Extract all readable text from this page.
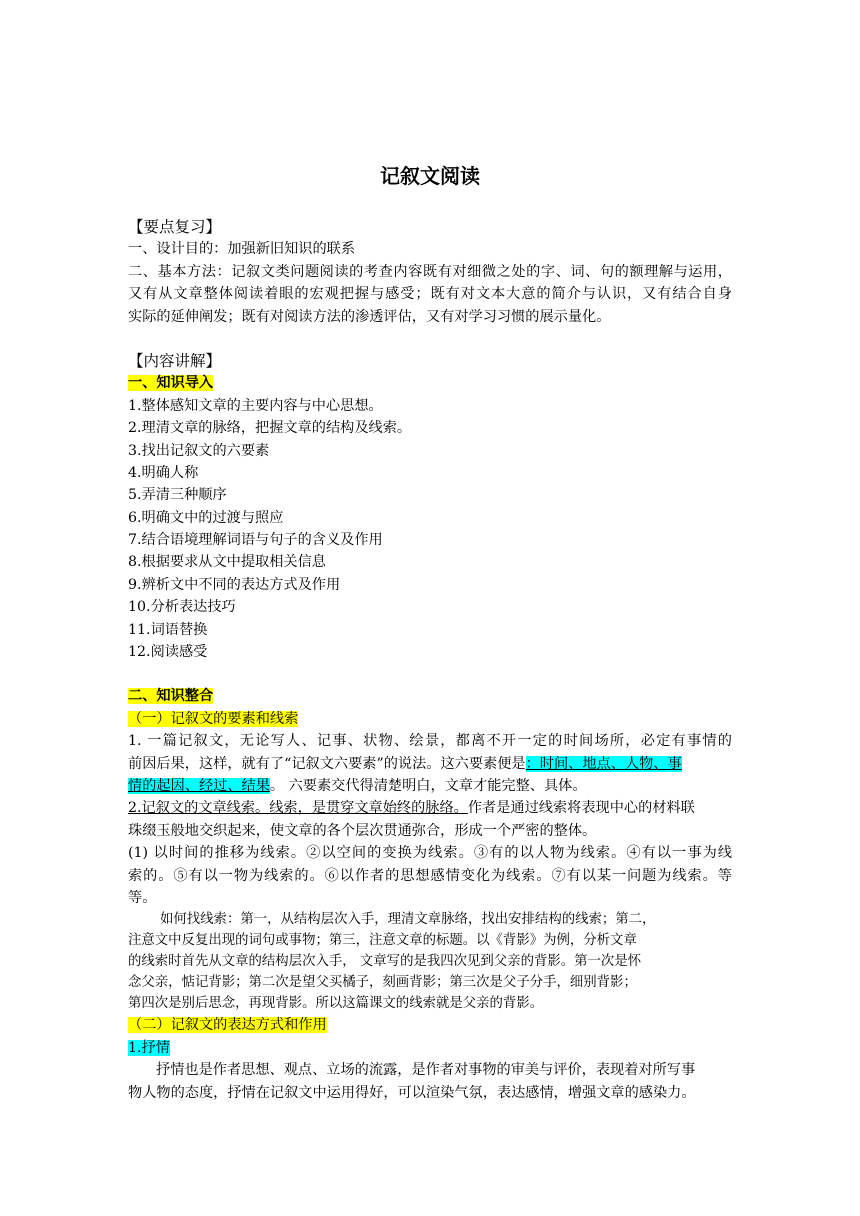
记叙文阅读
【要点复习】
一、设计目的：加强新旧知识的联系
二、基本方法：记叙文类问题阅读的考查内容既有对细微之处的字、词、句的额理解与运用，
又有从文章整体阅读着眼的宏观把握与感受；既有对文本大意的简介与认识，又有结合自身
实际的延伸阐发；既有对阅读方法的渗透评估，又有对学习习惯的展示量化。
【内容讲解】
一、知识导入
1.整体感知文章的主要内容与中心思想。
2.理清文章的脉络，把握文章的结构及线索。
3.找出记叙文的六要素
4.明确人称
5.弄清三种顺序
6.明确文中的过渡与照应
7.结合语境理解词语与句子的含义及作用
8.根据要求从文中提取相关信息
9.辨析文中不同的表达方式及作用
10.分析表达技巧
11.词语替换
12.阅读感受
二、知识整合
（一）记叙文的要素和线索
1. 一篇记叙文，无论写人、记事、状物、绘景，都离不开一定的时间场所，必定有事情的
前因后果，这样，就有了“记叙文六要素”的说法。这六要素便是：时间、地点、人物、事
情的起因、经过、结果。 六要素交代得清楚明白，文章才能完整、具体。
2.记叙文的文章线索。线索，是贯穿文章始终的脉络。作者是通过线索将表现中心的材料联
珠缀玉般地交织起来，使文章的各个层次贯通弥合，形成一个严密的整体。
(1) 以时间的推移为线索。②以空间的变换为线索。③有的以人物为线索。④有以一事为线
索的。⑤有以一物为线索的。⑥以作者的思想感情变化为线索。⑦有以某一问题为线索。等
等。
如何找线索：第一，从结构层次入手，理清文章脉络，找出安排结构的线索；第二，
注意文中反复出现的词句或事物；第三，注意文章的标题。以《背影》为例，分析文章
的线索时首先从文章的结构层次入手， 文章写的是我四次见到父亲的背影。第一次是怀
念父亲，惦记背影；第二次是望父买橘子，刻画背影；第三次是父子分手，细别背影；
第四次是别后思念，再现背影。所以这篇课文的线索就是父亲的背影。
（二）记叙文的表达方式和作用
1.抒情
抒情也是作者思想、观点、立场的流露，是作者对事物的审美与评价，表现着对所写事
物人物的态度，抒情在记叙文中运用得好，可以渲染气氛，表达感情，增强文章的感染力。
